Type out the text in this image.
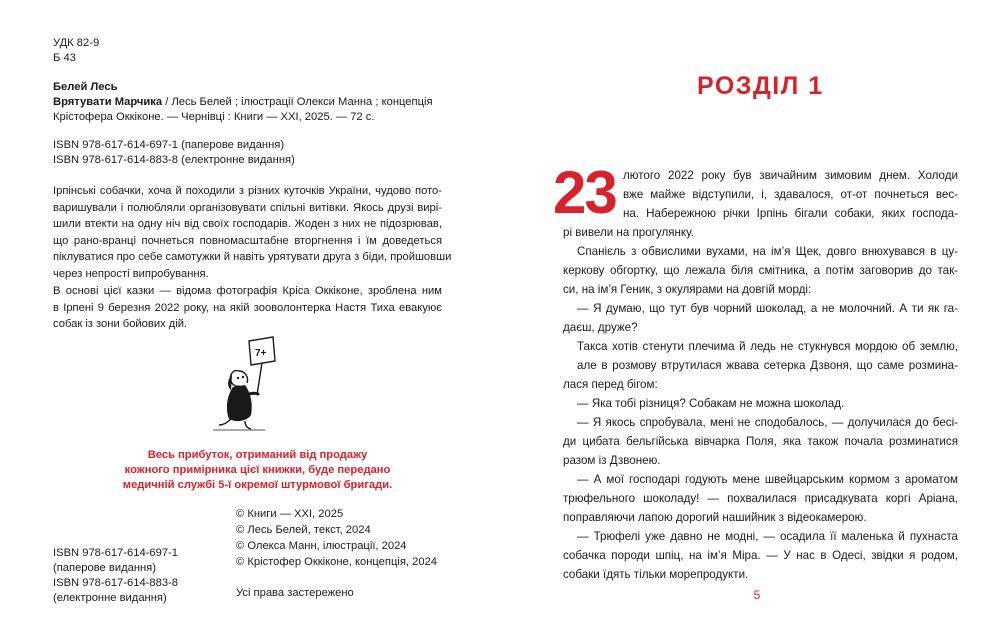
УДК 82-9
Б 43
Белей Лесь
Врятувати Марчика / Лесь Белей ; ілюстрації Олекси Манна ; концепція
Крістофера Оккіконе. — Чернівці : Книги — XXI, 2025. — 72 с.
ISBN 978-617-614-697-1 (паперове видання)
ISBN 978-617-614-883-8 (електронне видання)
Ірпінські собачки, хоча й походили з різних куточків України, чудово пото-
варишували і полюбляли організовувати спільні витівки. Якось друзі вирі-
шили втекти на одну ніч від своїх господарів. Жоден з них не підозрював,
що рано-вранці почнеться повномасштабне вторгнення і їм доведеться
піклуватися про себе самотужки й навіть урятувати друга з біди, пройшовши
через непрості випробування.
В основі цієї казки — відома фотографія Кріса Оккіконе, зроблена ним
в Ірпені 9 березня 2022 року, на якій зооволонтерка Настя Тиха евакуює
собак із зони бойових дій.
7+
Весь прибуток, отриманий від продажу
кожного примірника цієї книжки, буде передано
медичній службі 5-ї окремої штурмової бригади.
ISBN 978-617-614-697-1
(паперове видання)
ISBN 978-617-614-883-8
(електронне видання)
© Книги — XXI, 2025
© Лесь Белей, текст, 2024
© Олекса Манн, ілюстрації, 2024
© Крістофер Оккіконе, концепція, 2024
Усі права застережено
РОЗДІЛ 1
23 лютого 2022 року був звичайним зимовим днем. Холоди
вже майже відступили, і, здавалося, от-от почнеться вес-
на. Набережною річки Ірпінь бігали собаки, яких господа-
рі вивели на прогулянку.
Спанієль з обвислими вухами, на ім’я Щек, довго внюхувався в цу-
керкову обгортку, що лежала біля смітника, а потім заговорив до так-
си, на ім’я Геник, з окулярами на довгій морді:
— Я думаю, що тут був чорний шоколад, а не молочний. А ти як га-
даєш, друже?
Такса хотів стенути плечима й ледь не стукнувся мордою об землю,
але в розмову втрутилася жвава сетерка Дзвоня, що саме розмина-
лася перед бігом:
— Яка тобі різниця? Собакам не можна шоколад.
— Я якось спробувала, мені не сподобалось, — долучилася до бесі-
ди цибата бельгійська вівчарка Поля, яка також почала розминатися
разом із Дзвонею.
— А мої господарі годують мене швейцарським кормом з ароматом
трюфельного шоколаду! — похвалилася присадкувата коргі Аріана,
поправляючи лапою дорогий нашийник з відеокамерою.
— Трюфелі уже давно не модні, — осадила її маленька й пухнаста
собачка породи шпіц, на ім’я Міра. — У нас в Одесі, звідки я родом,
собаки їдять тільки морепродукти.
5
